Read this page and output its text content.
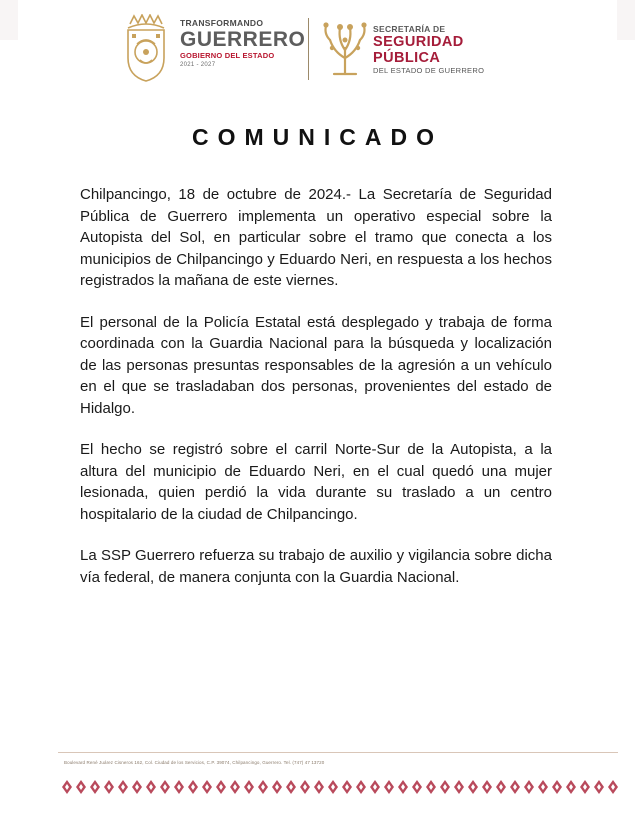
TRANSFORMANDO
GUERRERO
GOBIERNO DEL ESTADO
2021 - 2027
SECRETARÍA DE
SEGURIDAD
PÚBLICA
DEL ESTADO DE GUERRERO
COMUNICADO

Chilpancingo, 18 de octubre de 2024.- La Secretaría de Seguridad Pública de Guerrero implementa un operativo especial sobre la Autopista del Sol, en particular sobre el tramo que conecta a los municipios de Chilpancingo y Eduardo Neri, en respuesta a los hechos registrados la mañana de este viernes.

El personal de la Policía Estatal está desplegado y trabaja de forma coordinada con la Guardia Nacional para la búsqueda y localización de las personas presuntas responsables de la agresión a un vehículo en el que se trasladaban dos personas, provenientes del estado de Hidalgo.

El hecho se registró sobre el carril Norte-Sur de la Autopista, a la altura del municipio de Eduardo Neri, en el cual quedó una mujer lesionada, quien perdió la vida durante su traslado a un centro hospitalario de la ciudad de Chilpancingo.

La SSP Guerrero refuerza su trabajo de auxilio y vigilancia sobre dicha vía federal, de manera conjunta con la Guardia Nacional.

Boulevard René Juárez Cisneros 162, Col. Ciudad de los Servicios, C.P. 39074, Chilpancingo, Guerrero. Tel. (747) 47 13720
